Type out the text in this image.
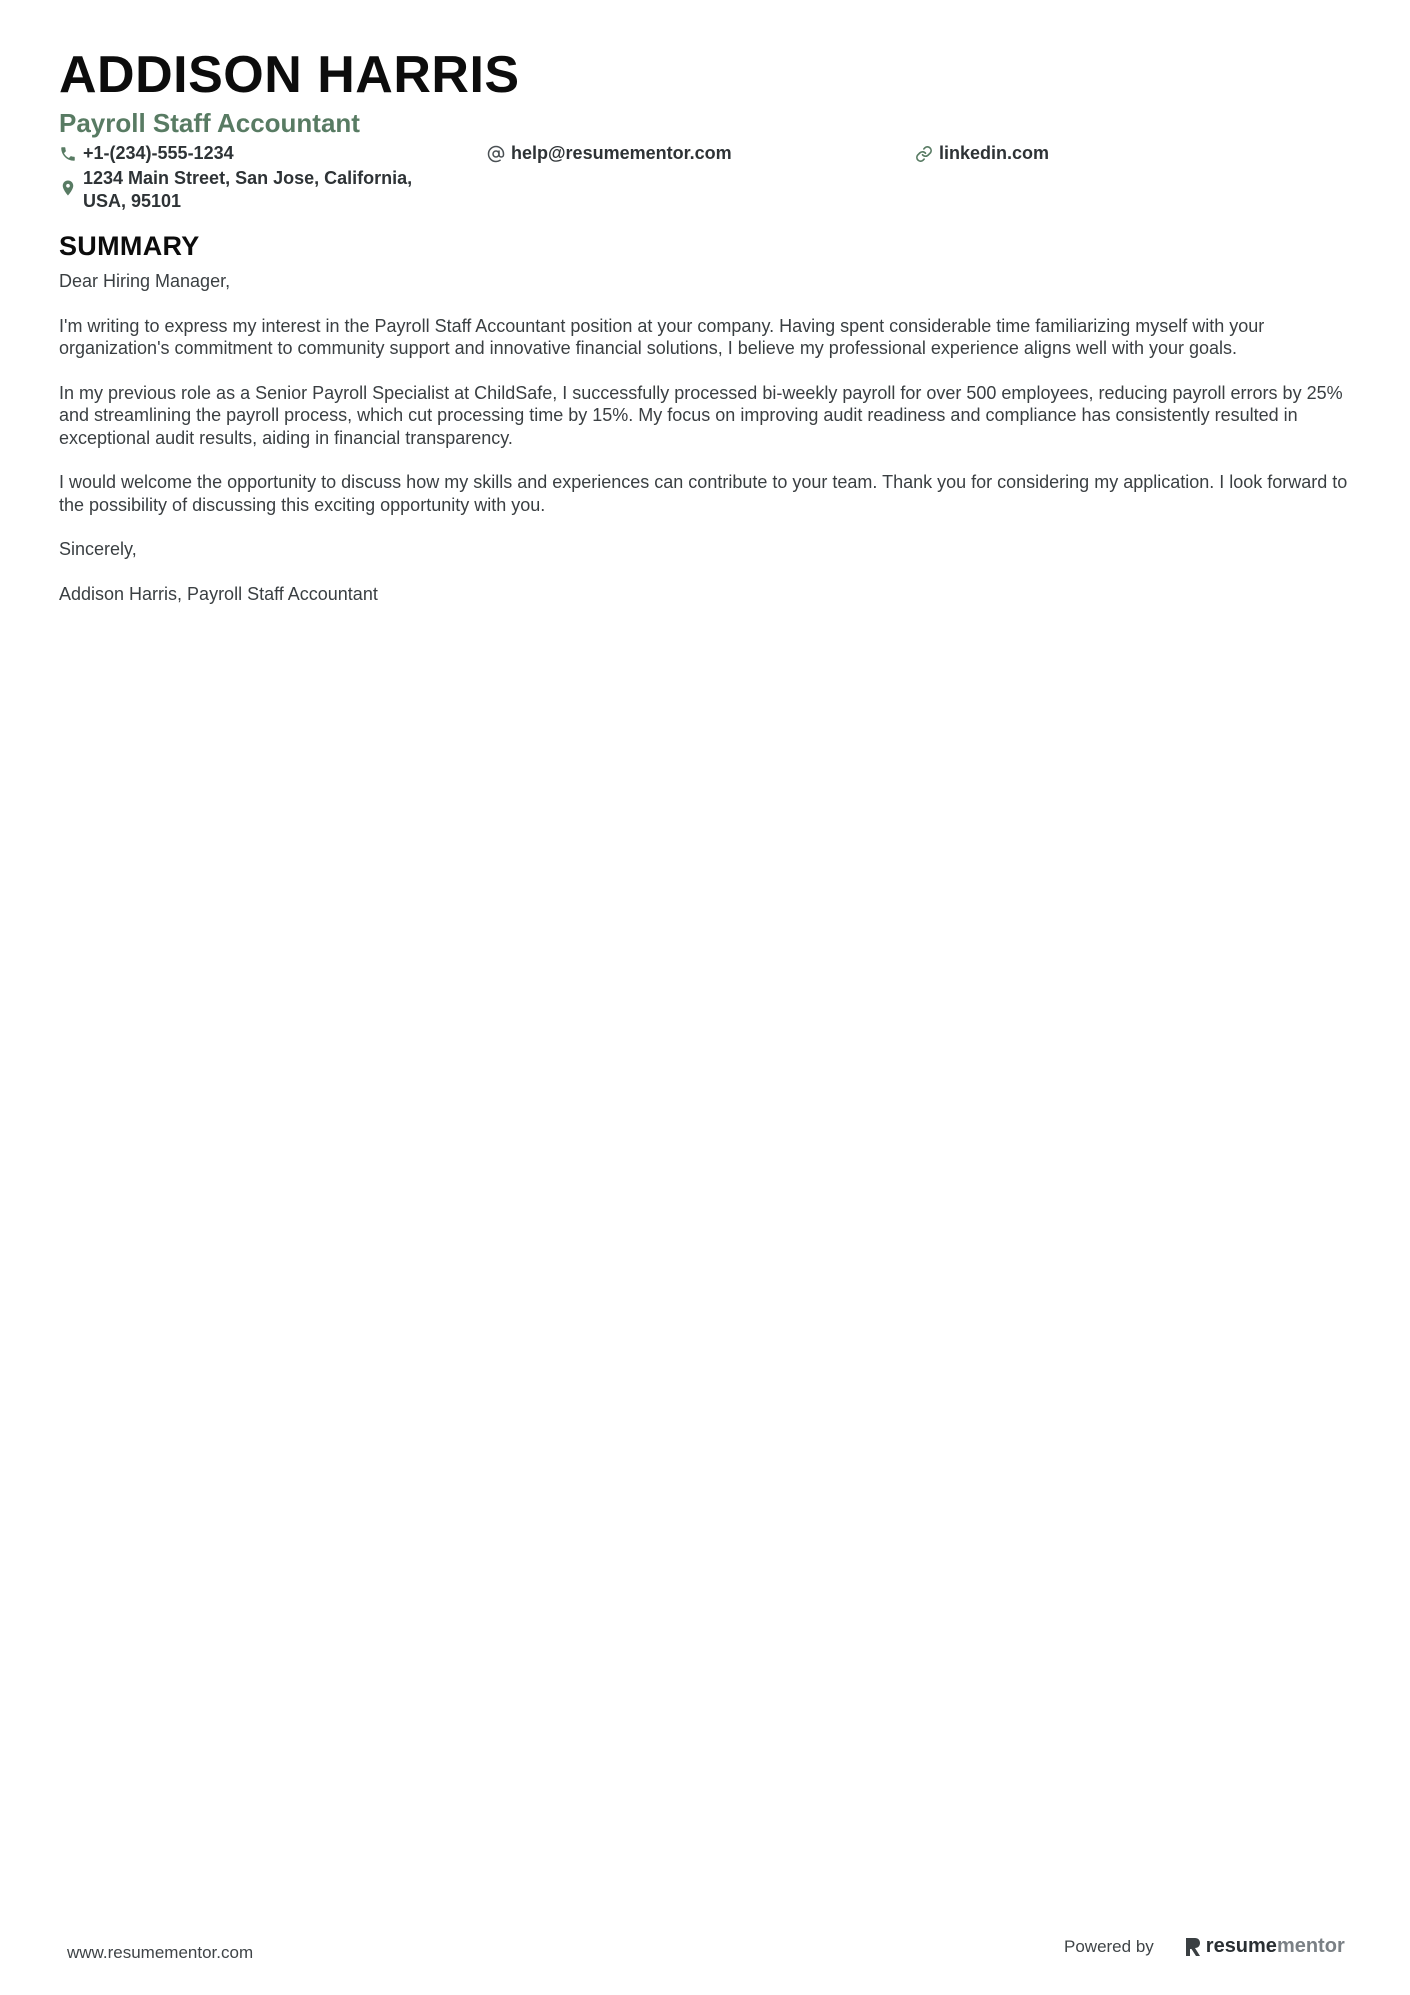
ADDISON HARRIS
Payroll Staff Accountant
+1-(234)-555-1234	help@resumementor.com	linkedin.com
1234 Main Street, San Jose, California, USA, 95101
SUMMARY

Dear Hiring Manager,

I'm writing to express my interest in the Payroll Staff Accountant position at your company. Having spent considerable time familiarizing myself with your organization's commitment to community support and innovative financial solutions, I believe my professional experience aligns well with your goals.

In my previous role as a Senior Payroll Specialist at ChildSafe, I successfully processed bi-weekly payroll for over 500 employees, reducing payroll errors by 25% and streamlining the payroll process, which cut processing time by 15%. My focus on improving audit readiness and compliance has consistently resulted in exceptional audit results, aiding in financial transparency.

I would welcome the opportunity to discuss how my skills and experiences can contribute to your team. Thank you for considering my application. I look forward to the possibility of discussing this exciting opportunity with you.

Sincerely,

Addison Harris, Payroll Staff Accountant

www.resumementor.com	Powered by	resume mentor
